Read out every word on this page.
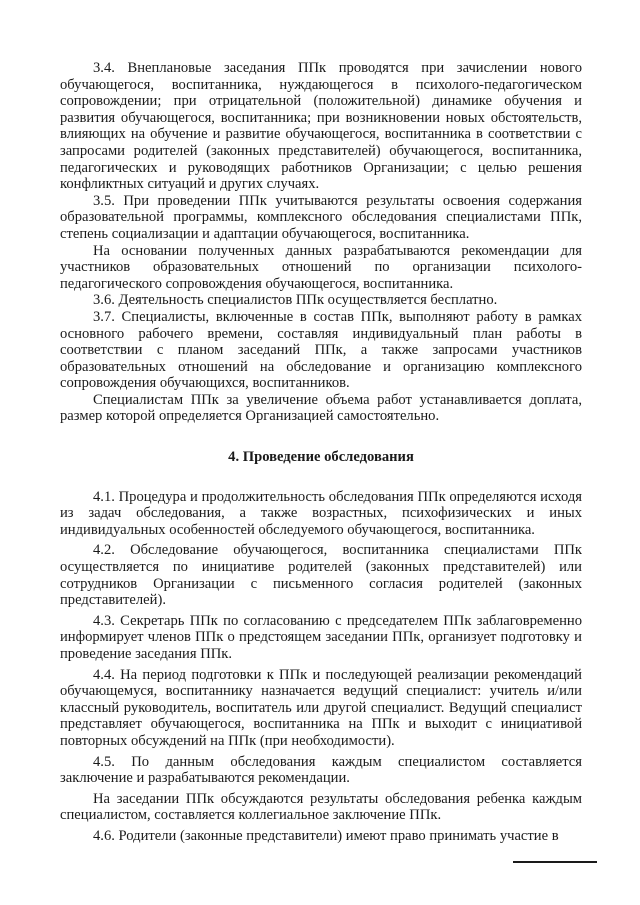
3.4. Внеплановые заседания ППк проводятся при зачислении нового обучающегося, воспитанника, нуждающегося в психолого-педагогическом сопровождении; при отрицательной (положительной) динамике обучения и развития обучающегося, воспитанника; при возникновении новых обстоятельств, влияющих на обучение и развитие обучающегося, воспитанника в соответствии с запросами родителей (законных представителей) обучающегося, воспитанника, педагогических и руководящих работников Организации; с целью решения конфликтных ситуаций и других случаях.

3.5. При проведении ППк учитываются результаты освоения содержания образовательной программы, комплексного обследования специалистами ППк, степень социализации и адаптации обучающегося, воспитанника.

На основании полученных данных разрабатываются рекомендации для участников образовательных отношений по организации психолого-педагогического сопровождения обучающегося, воспитанника.

3.6. Деятельность специалистов ППк осуществляется бесплатно.

3.7. Специалисты, включенные в состав ППк, выполняют работу в рамках основного рабочего времени, составляя индивидуальный план работы в соответствии с планом заседаний ППк, а также запросами участников образовательных отношений на обследование и организацию комплексного сопровождения обучающихся, воспитанников.

Специалистам ППк за увеличение объема работ устанавливается доплата, размер которой определяется Организацией самостоятельно.

4. Проведение обследования

4.1. Процедура и продолжительность обследования ППк определяются исходя из задач обследования, а также возрастных, психофизических и иных индивидуальных особенностей обследуемого обучающегося, воспитанника.

4.2. Обследование обучающегося, воспитанника специалистами ППк осуществляется по инициативе родителей (законных представителей) или сотрудников Организации с письменного согласия родителей (законных представителей).

4.3. Секретарь ППк по согласованию с председателем ППк заблаговременно информирует членов ППк о предстоящем заседании ППк, организует подготовку и проведение заседания ППк.

4.4. На период подготовки к ППк и последующей реализации рекомендаций обучающемуся, воспитаннику назначается ведущий специалист: учитель и/или классный руководитель, воспитатель или другой специалист. Ведущий специалист представляет обучающегося, воспитанника на ППк и выходит с инициативой повторных обсуждений на ППк (при необходимости).

4.5. По данным обследования каждым специалистом составляется заключение и разрабатываются рекомендации.

На заседании ППк обсуждаются результаты обследования ребенка каждым специалистом, составляется коллегиальное заключение ППк.

4.6. Родители (законные представители) имеют право принимать участие в
